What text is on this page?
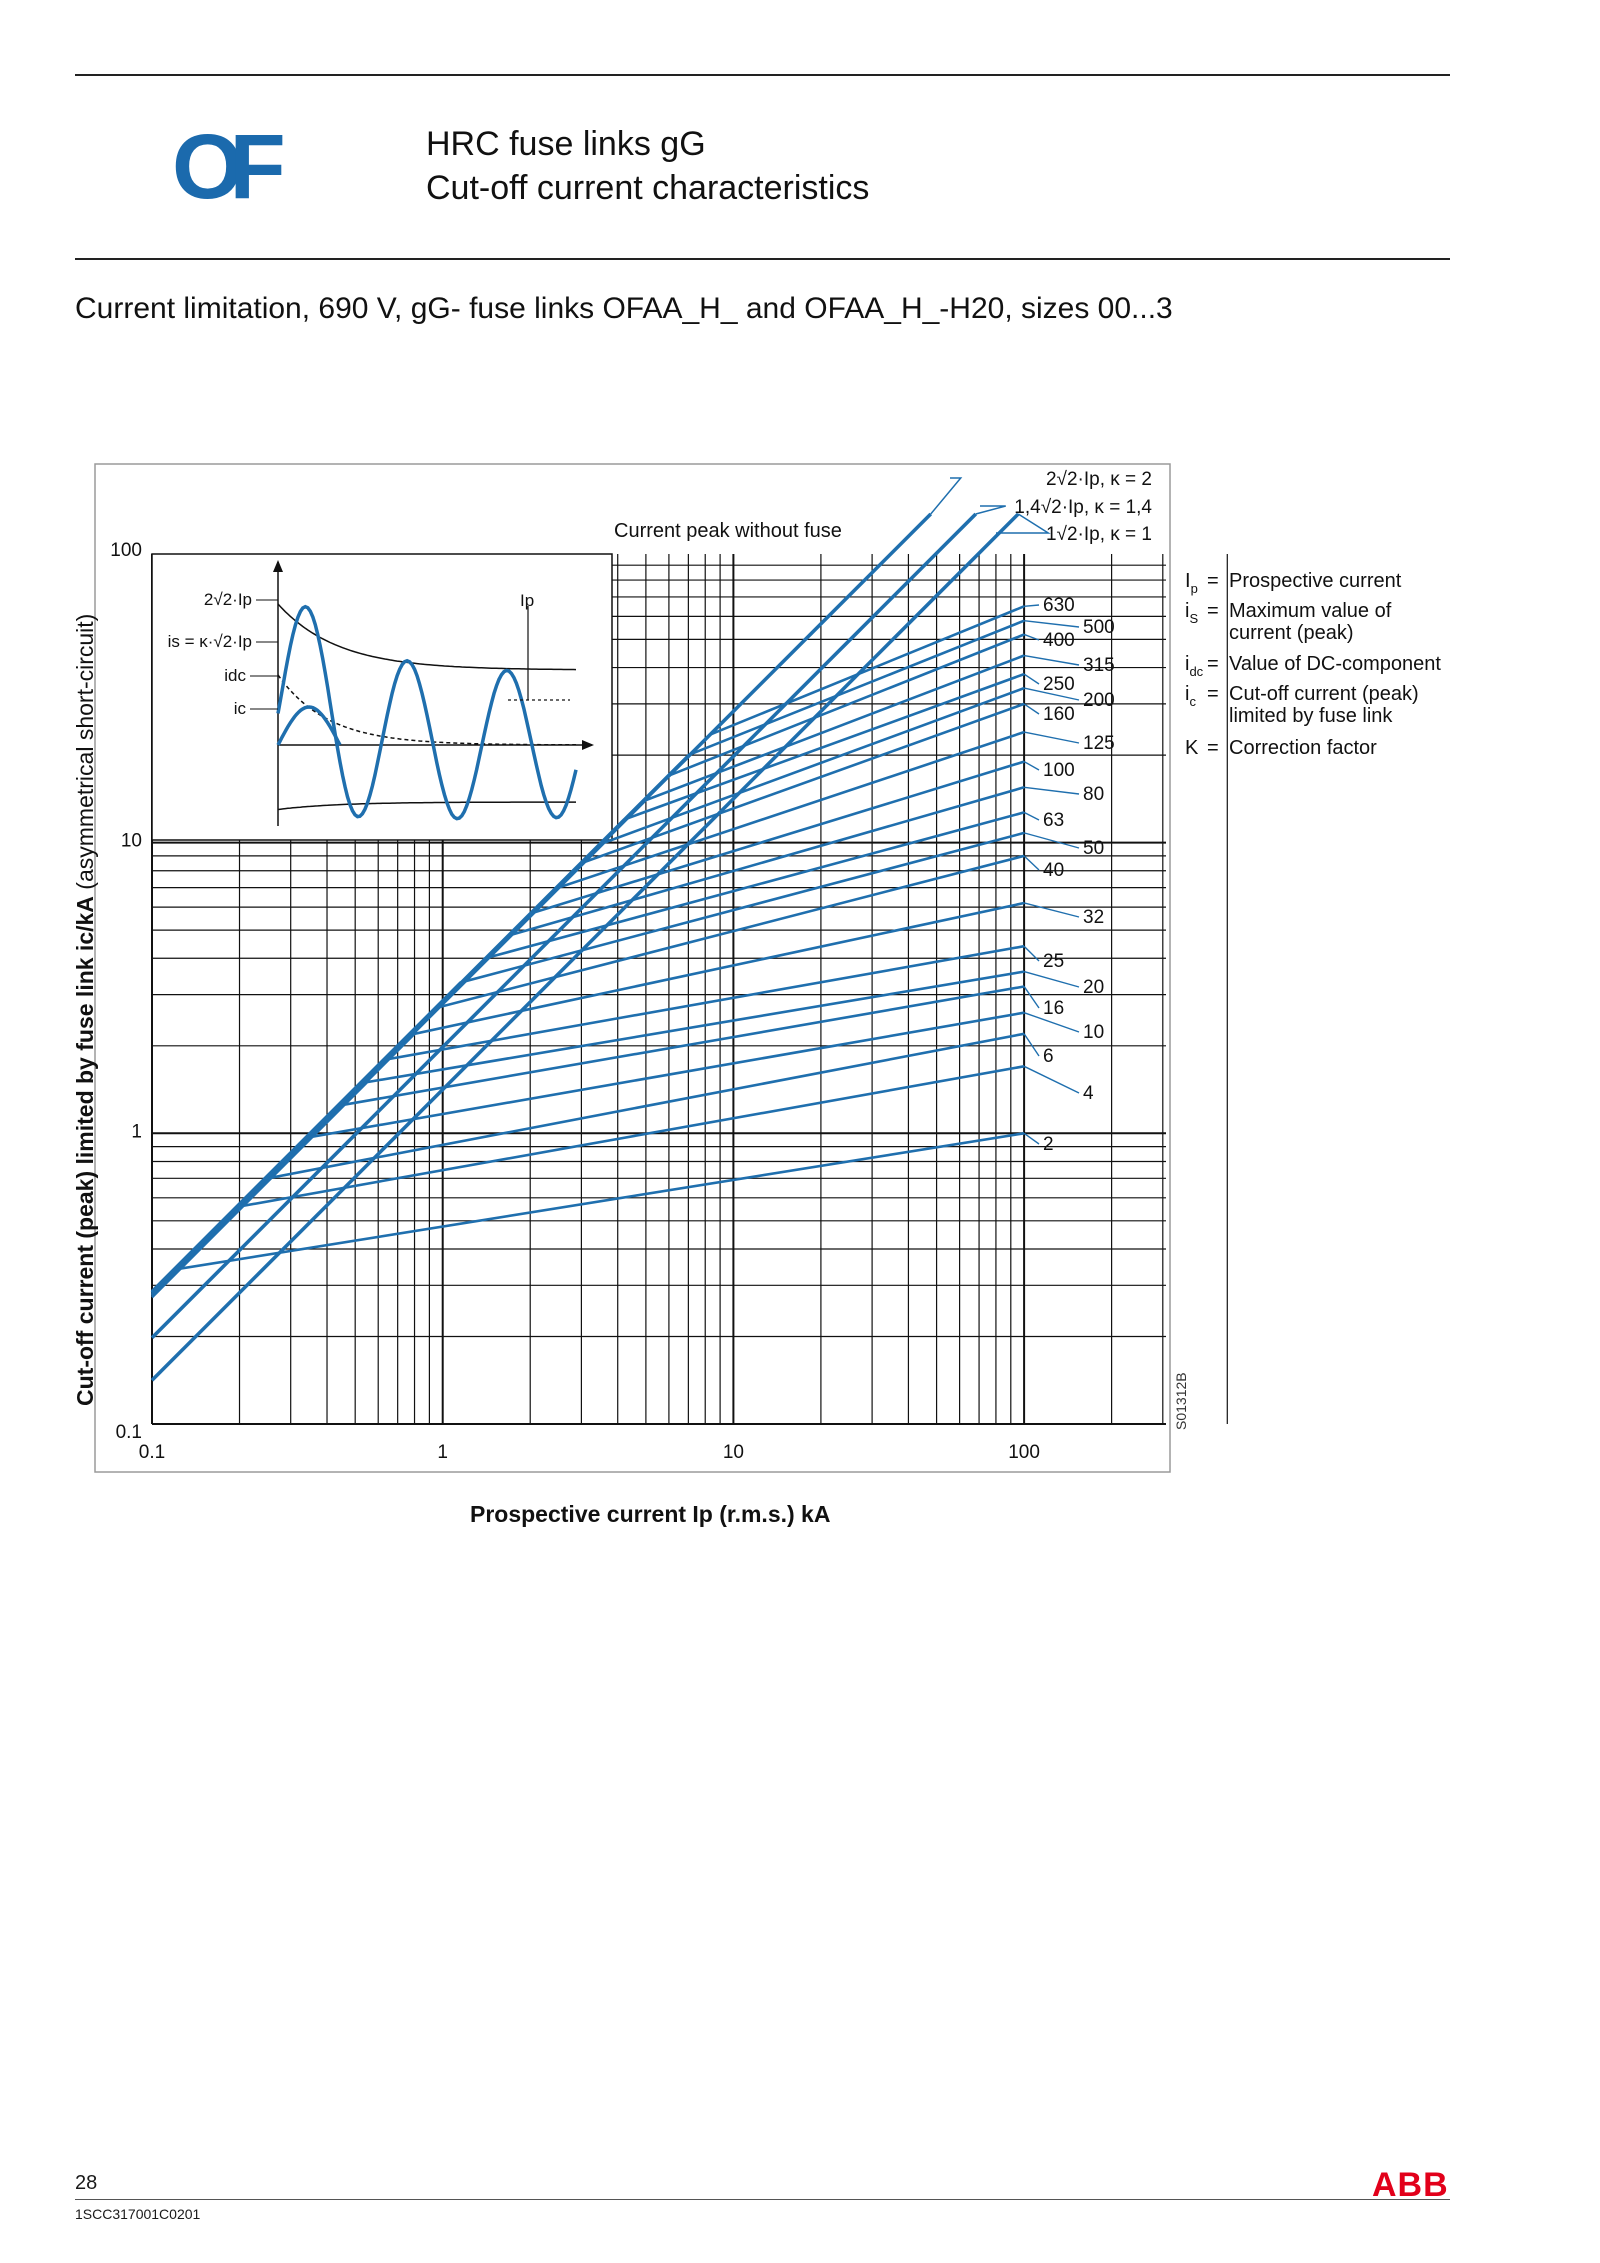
OF	HRC fuse links gG
Cut-off current characteristics
Current limitation, 690 V, gG- fuse links OFAA_H_ and OFAA_H_-H20, sizes 00...3
2√2·Ip
is = κ·√2·Ip
idc
ic
Ip
2√2·Ip, κ = 2
1,4√2·Ip, κ = 1,4
1√2·Ip, κ = 1
630
500
400
315
250
200
160
125
100
80
63
50
40
32
25
20
16
10
6
4
2
0.1	1	10	100
0.1
1
10
100
Current peak without fuse
Prospective current Ip (r.m.s.) kA
Cut-off current (peak) limited by fuse link ic/kA (asymmetrical short-circuit)
S01312B
$I_p$ = Prospective current
$i_S$ = Maximum value of current (peak)
$i_{dc}$ = Value of DC-component
$i_c = Cut-off$ current (peak) limited by fuse link
K = Correction factor
28
1SCC317001C0201
ABB
